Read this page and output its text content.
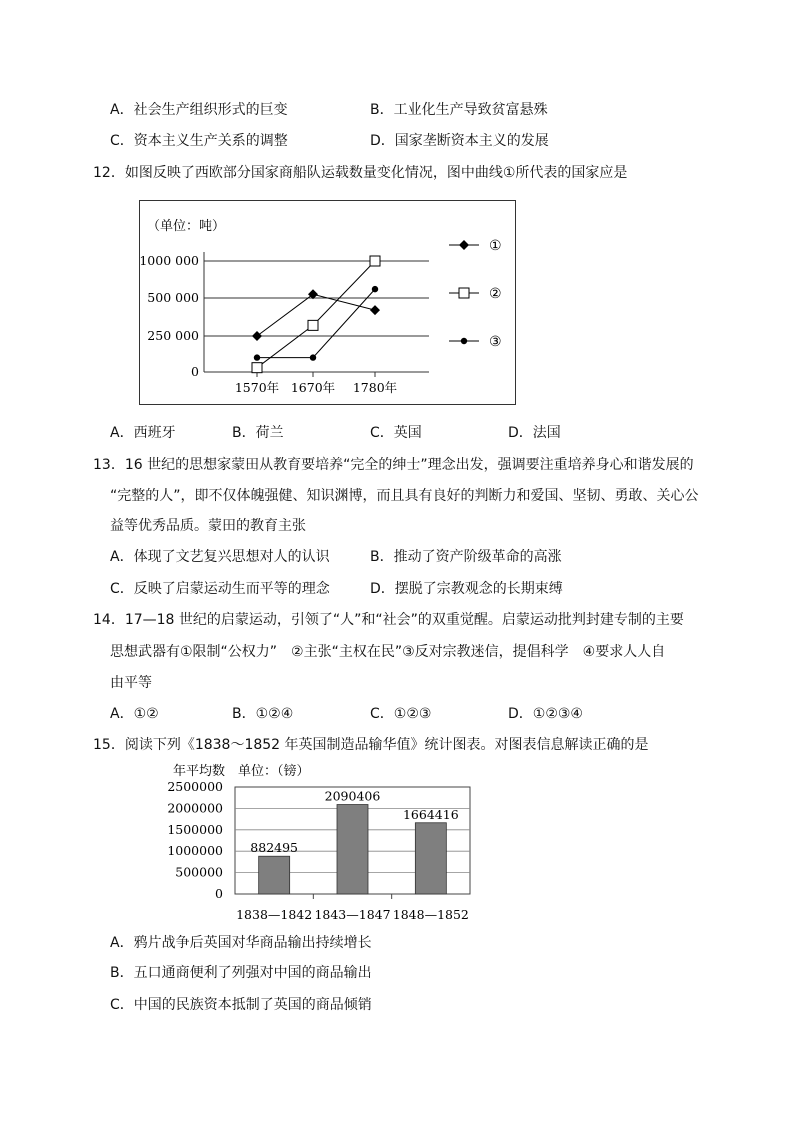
A．社会生产组织形式的巨变	B．工业化生产导致贫富悬殊
C．资本主义生产关系的调整	D．国家垄断资本主义的发展
12．如图反映了西欧部分国家商船队运载数量变化情况，图中曲线①所代表的国家应是
（单位：吨）
0
250 000
500 000
1000 000
1570年 1670年 1780年
①
②
③
A．西班牙	B．荷兰	C．英国	D．法国
13．16 世纪的思想家蒙田从教育要培养“完全的绅士”理念出发，强调要注重培养身心和谐发展的
“完整的人”，即不仅体魄强健、知识渊博，而且具有良好的判断力和爱国、坚韧、勇敢、关心公
益等优秀品质。蒙田的教育主张
A．体现了文艺复兴思想对人的认识	B．推动了资产阶级革命的高涨
C．反映了启蒙运动生而平等的理念	D．摆脱了宗教观念的长期束缚
14．17—18 世纪的启蒙运动，引领了“人”和“社会”的双重觉醒。启蒙运动批判封建专制的主要
思想武器有①限制“公权力”　②主张“主权在民”③反对宗教迷信，提倡科学　④要求人人自
由平等
A．①②	B．①②④	C．①②③	D．①②③④
15．阅读下列《1838～1852 年英国制造品输华值》统计图表。对图表信息解读正确的是
年平均数　单位：（镑）
0
500000
1000000
1500000
2000000
2500000
882495
1838—1842
2090406
1843—1847
1664416
1848—1852
A．鸦片战争后英国对华商品输出持续增长
B．五口通商便利了列强对中国的商品输出
C．中国的民族资本抵制了英国的商品倾销
